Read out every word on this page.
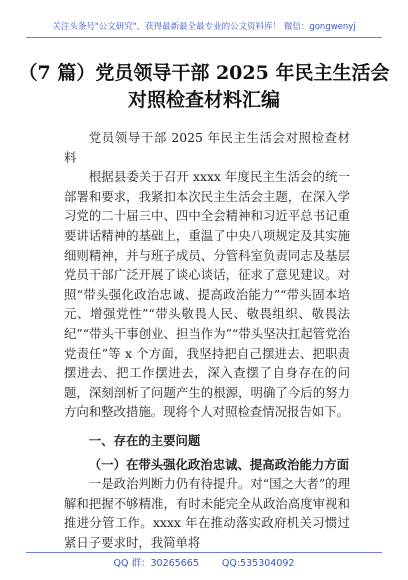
关注头条号"公文研究"，获得最新最全最专业的公文资料库！ 微信：gongwenyj
（7 篇）党员领导干部 2025 年民主生活会
对照检查材料汇编

党员领导干部 2025 年民主生活会对照检查材料

根据县委关于召开 xxxx 年度民主生活会的统一部署和要求，我紧扣本次民主生活会主题，在深入学习党的二十届三中、四中全会精神和习近平总书记重要讲话精神的基础上，重温了中央八项规定及其实施细则精神，并与班子成员、分管科室负责同志及基层党员干部广泛开展了谈心谈话，征求了意见建议。对照“带头强化政治忠诚、提高政治能力”“带头固本培元、增强党性”“带头敬畏人民、敬畏组织、敬畏法纪”“带头干事创业、担当作为”“带头坚决扛起管党治党责任”等 x 个方面，我坚持把自己摆进去、把职责摆进去、把工作摆进去，深入查摆了自身存在的问题，深刻剖析了问题产生的根源，明确了今后的努力方向和整改措施。现将个人对照检查情况报告如下。

一、存在的主要问题

（一）在带头强化政治忠诚、提高政治能力方面

一是政治判断力仍有待提升。对“国之大者”的理解和把握不够精准，有时未能完全从政治高度审视和推进分管工作。xxxx 年在推动落实政府机关习惯过紧日子要求时，我简单将

QQ 群：30265665 QQ:535304092
